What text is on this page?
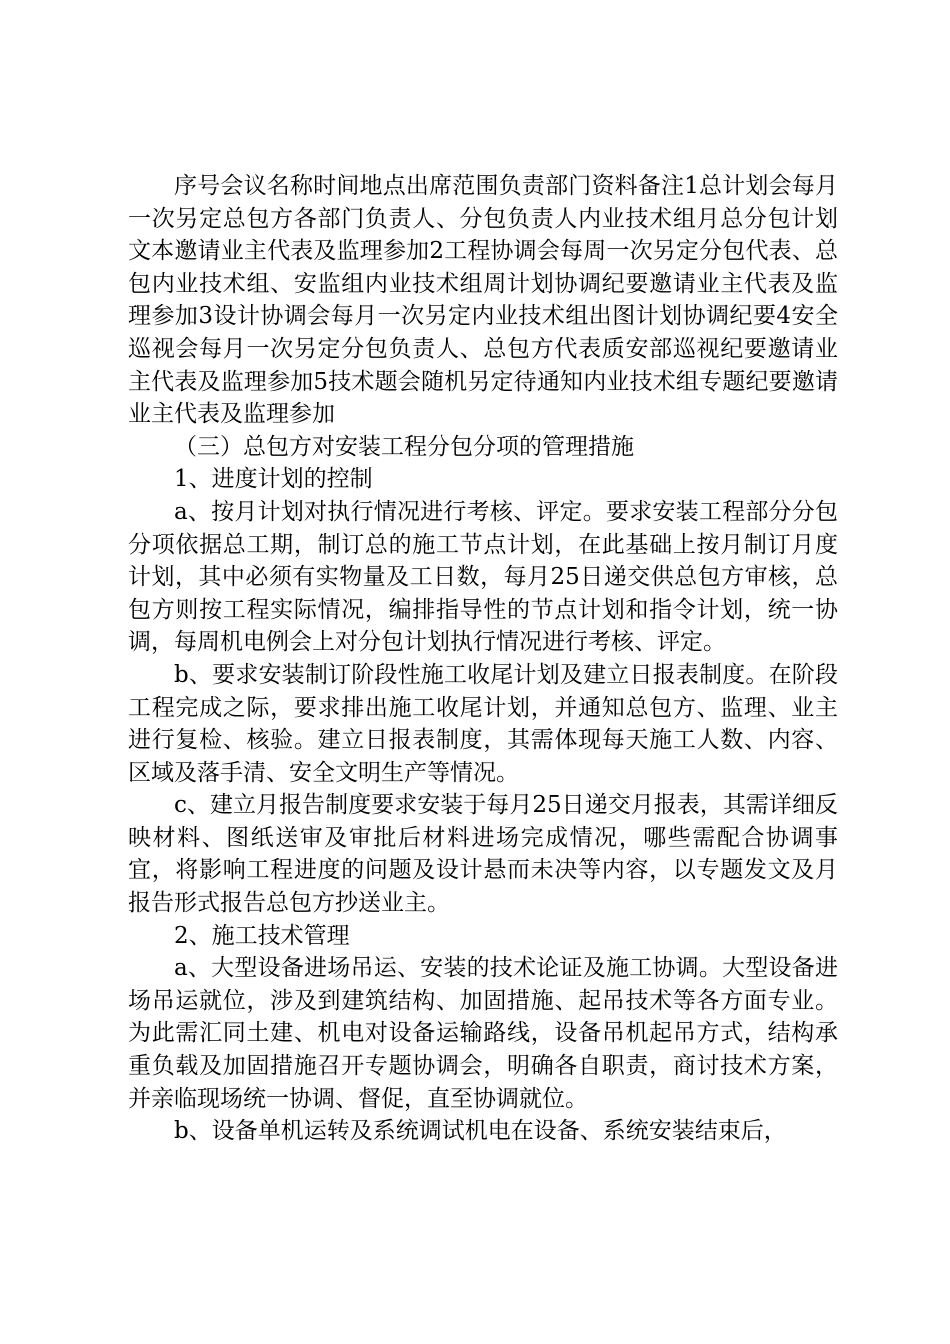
序号会议名称时间地点出席范围负责部门资料备注1总计划会每月一次另定总包方各部门负责人、分包负责人内业技术组月总分包计划文本邀请业主代表及监理参加2工程协调会每周一次另定分包代表、总包内业技术组、安监组内业技术组周计划协调纪要邀请业主代表及监理参加3设计协调会每月一次另定内业技术组出图计划协调纪要4安全巡视会每月一次另定分包负责人、总包方代表质安部巡视纪要邀请业主代表及监理参加5技术题会随机另定待通知内业技术组专题纪要邀请业主代表及监理参加

（三）总包方对安装工程分包分项的管理措施

1、进度计划的控制

a、按月计划对执行情况进行考核、评定。要求安装工程部分分包分项依据总工期，制订总的施工节点计划，在此基础上按月制订月度计划，其中必须有实物量及工日数，每月25日递交供总包方审核，总包方则按工程实际情况，编排指导性的节点计划和指令计划，统一协调，每周机电例会上对分包计划执行情况进行考核、评定。

b、要求安装制订阶段性施工收尾计划及建立日报表制度。在阶段工程完成之际，要求排出施工收尾计划，并通知总包方、监理、业主进行复检、核验。建立日报表制度，其需体现每天施工人数、内容、区域及落手清、安全文明生产等情况。

c、建立月报告制度要求安装于每月25日递交月报表，其需详细反映材料、图纸送审及审批后材料进场完成情况，哪些需配合协调事宜，将影响工程进度的问题及设计悬而未决等内容，以专题发文及月报告形式报告总包方抄送业主。

2、施工技术管理

a、大型设备进场吊运、安装的技术论证及施工协调。大型设备进场吊运就位，涉及到建筑结构、加固措施、起吊技术等各方面专业。为此需汇同土建、机电对设备运输路线，设备吊机起吊方式，结构承重负载及加固措施召开专题协调会，明确各自职责，商讨技术方案，并亲临现场统一协调、督促，直至协调就位。

b、设备单机运转及系统调试机电在设备、系统安装结束后，
